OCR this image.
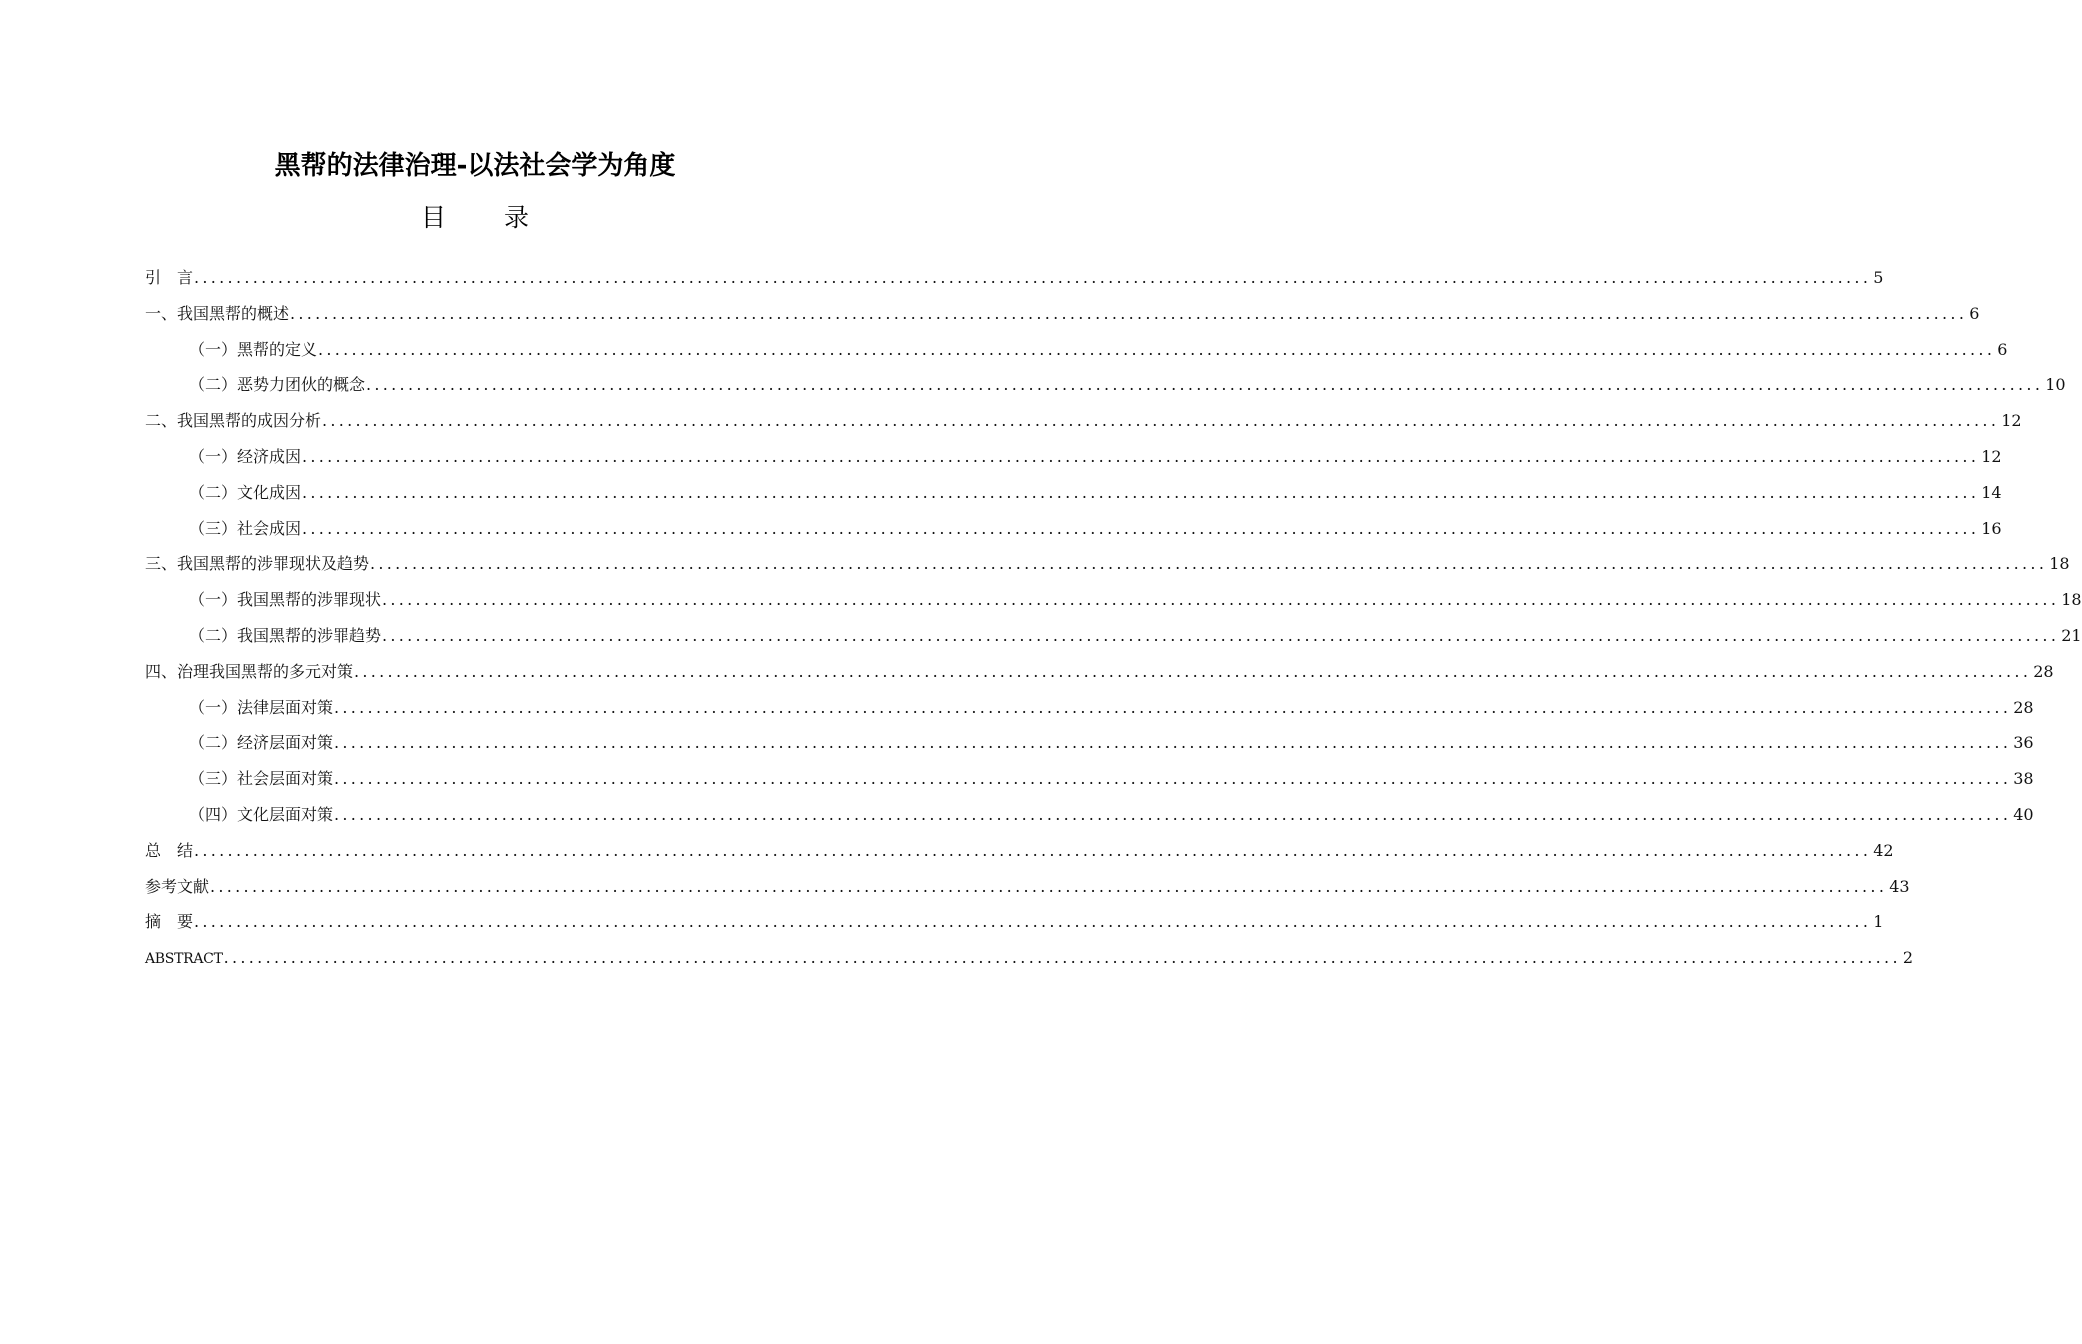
黑帮的法律治理-以法社会学为角度
目 录
引　言 ........................................................................................................................................................................................................ 5
一、我国黑帮的概述 ........................................................................................................................................................................................................ 6
（一）黑帮的定义 ........................................................................................................................................................................................................ 6
（二）恶势力团伙的概念 ........................................................................................................................................................................................................ 10
二、我国黑帮的成因分析 ........................................................................................................................................................................................................ 12
（一）经济成因 ........................................................................................................................................................................................................ 12
（二）文化成因 ........................................................................................................................................................................................................ 14
（三）社会成因 ........................................................................................................................................................................................................ 16
三、我国黑帮的涉罪现状及趋势 ........................................................................................................................................................................................................ 18
（一）我国黑帮的涉罪现状 ........................................................................................................................................................................................................ 18
（二）我国黑帮的涉罪趋势 ........................................................................................................................................................................................................ 21
四、治理我国黑帮的多元对策 ........................................................................................................................................................................................................ 28
（一）法律层面对策 ........................................................................................................................................................................................................ 28
（二）经济层面对策 ........................................................................................................................................................................................................ 36
（三）社会层面对策 ........................................................................................................................................................................................................ 38
（四）文化层面对策 ........................................................................................................................................................................................................ 40
总　结 ........................................................................................................................................................................................................ 42
参考文献 ........................................................................................................................................................................................................ 43
摘　要 ........................................................................................................................................................................................................ 1
ABSTRACT ........................................................................................................................................................................................................ 2
